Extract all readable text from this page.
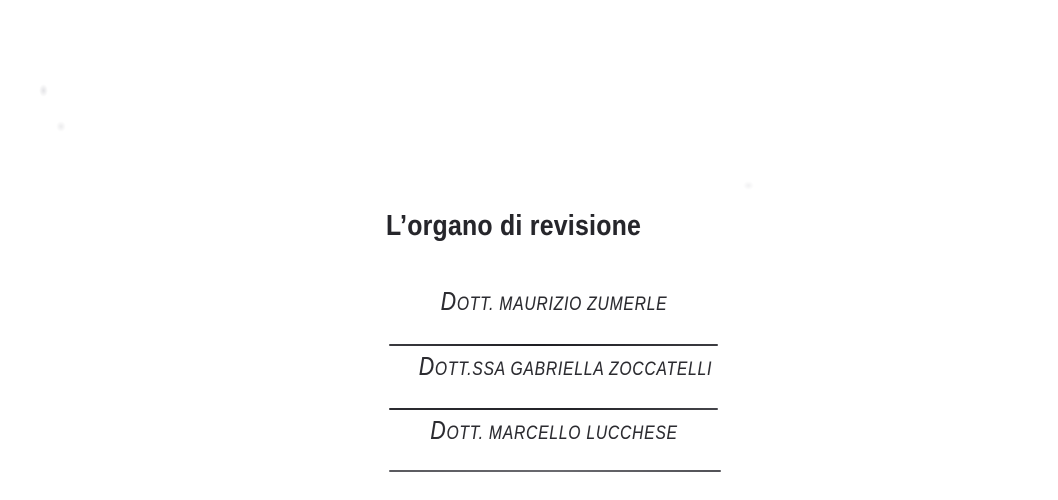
L’organo di revisione
DOTT. MAURIZIO ZUMERLE
DOTT.SSA GABRIELLA ZOCCATELLI
DOTT. MARCELLO LUCCHESE
